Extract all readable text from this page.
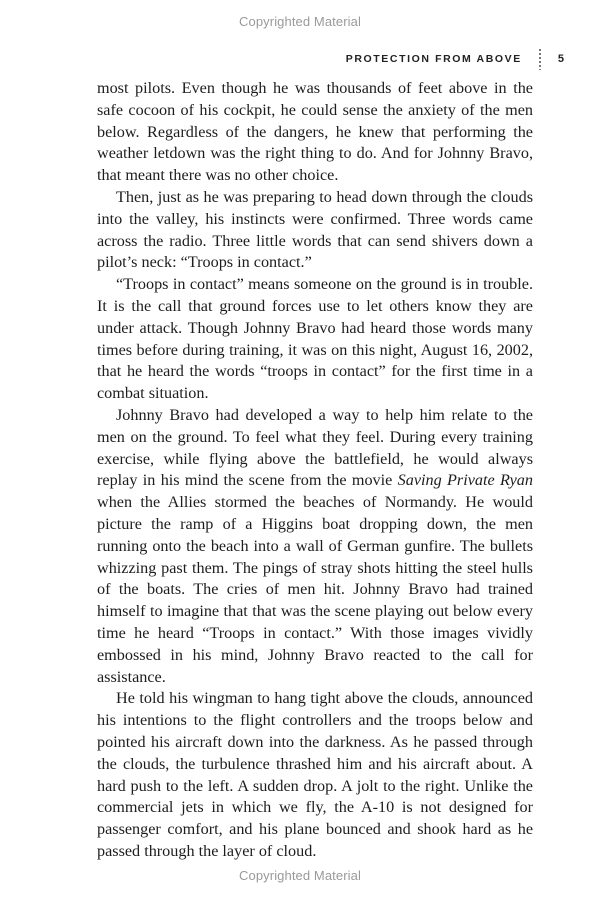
Copyrighted Material
PROTECTION FROM ABOVE	5

most pilots. Even though he was thousands of feet above in the safe cocoon of his cockpit, he could sense the anxiety of the men below. Regardless of the dangers, he knew that performing the weather letdown was the right thing to do. And for Johnny Bravo, that meant there was no other choice.

Then, just as he was preparing to head down through the clouds into the valley, his instincts were confirmed. Three words came across the radio. Three little words that can send shivers down a pilot’s neck: “Troops in contact.”

“Troops in contact” means someone on the ground is in trouble. It is the call that ground forces use to let others know they are under attack. Though Johnny Bravo had heard those words many times before during training, it was on this night, August 16, 2002, that he heard the words “troops in contact” for the first time in a combat situation.

Johnny Bravo had developed a way to help him relate to the men on the ground. To feel what they feel. During every training exercise, while flying above the battlefield, he would always replay in his mind the scene from the movie Saving Private Ryan when the Allies stormed the beaches of Normandy. He would picture the ramp of a Higgins boat dropping down, the men running onto the beach into a wall of German gunfire. The bullets whizzing past them. The pings of stray shots hitting the steel hulls of the boats. The cries of men hit. Johnny Bravo had trained himself to imagine that that was the scene playing out below every time he heard “Troops in contact.” With those images vividly embossed in his mind, Johnny Bravo reacted to the call for assistance.

He told his wingman to hang tight above the clouds, announced his intentions to the flight controllers and the troops below and pointed his aircraft down into the darkness. As he passed through the clouds, the turbulence thrashed him and his aircraft about. A hard push to the left. A sudden drop. A jolt to the right. Unlike the commercial jets in which we fly, the A-10 is not designed for passenger comfort, and his plane bounced and shook hard as he passed through the layer of cloud.

Copyrighted Material
